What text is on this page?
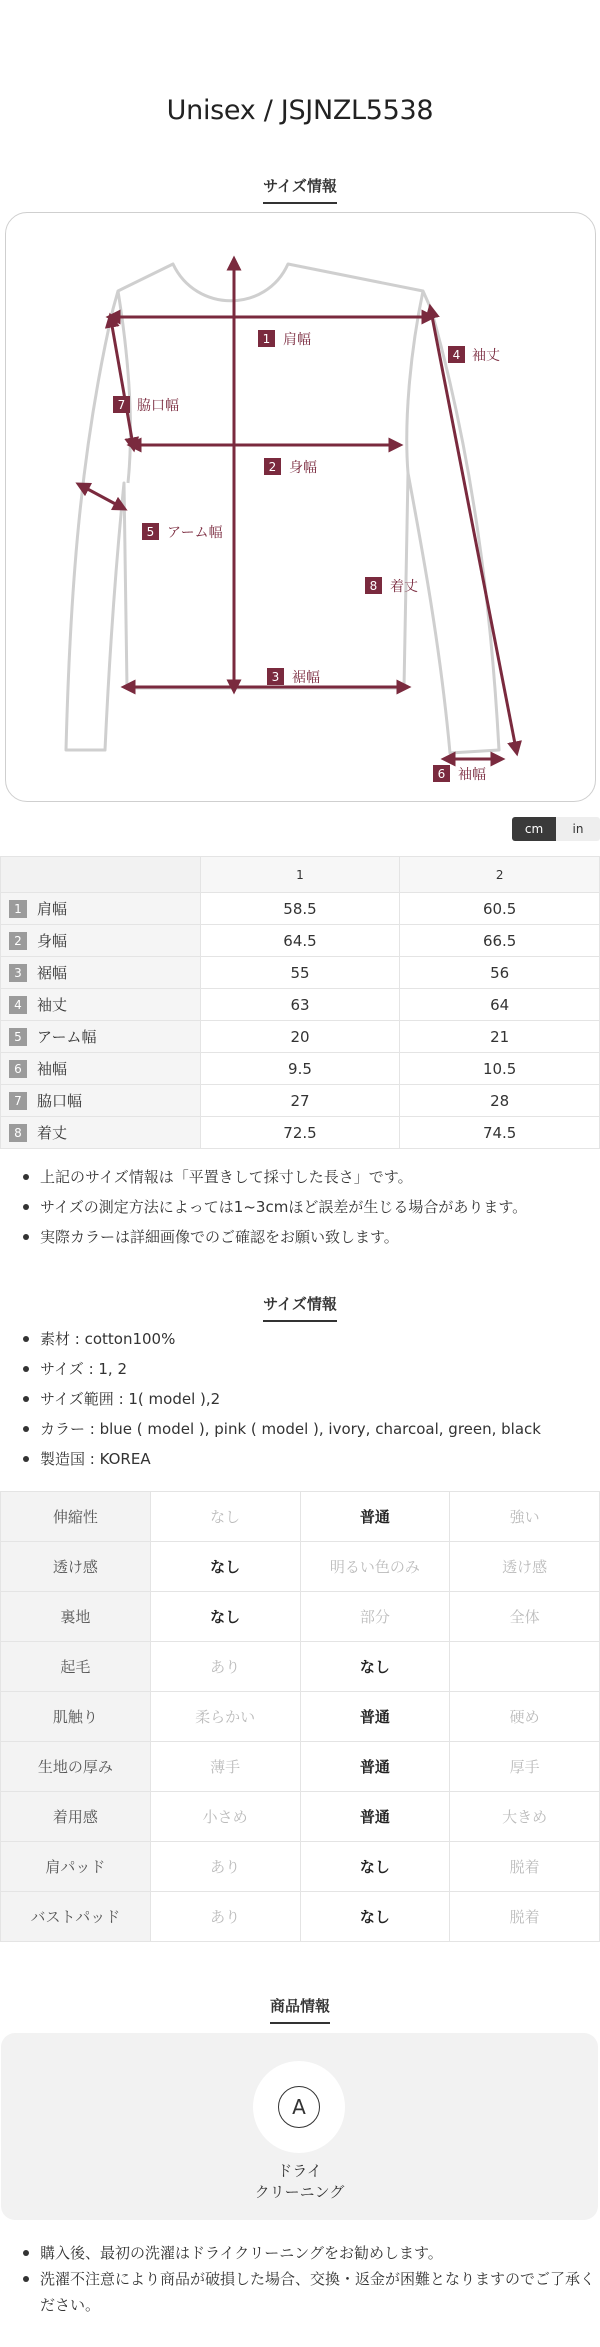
Unisex / JSJNZL5538
サイズ情報
1 肩幅
2 身幅
3 裾幅
4 袖丈
5 アーム幅
6 袖幅
7 脇口幅
8 着丈
cm	in
	1	2
1 肩幅	58.5	60.5
2 身幅	64.5	66.5
3 裾幅	55	56
4 袖丈	63	64
5 アーム幅	20	21
6 袖幅	9.5	10.5
7 脇口幅	27	28
8 着丈	72.5	74.5
上記のサイズ情報は「平置きして採寸した長さ」です。
サイズの測定方法によっては1~3cmほど誤差が生じる場合があります。
実際カラーは詳細画像でのご確認をお願い致します。
サイズ情報
素材 : cotton100%
サイズ : 1, 2
サイズ範囲 : 1( model ),2
カラー : blue ( model ), pink ( model ), ivory, charcoal, green, black
製造国 : KOREA
伸縮性	なし	普通	強い
透け感	なし	明るい色のみ	透け感
裏地	なし	部分	全体
起毛	あり	なし	
肌触り	柔らかい	普通	硬め
生地の厚み	薄手	普通	厚手
着用感	小さめ	普通	大きめ
肩パッド	あり	なし	脱着
バストパッド	あり	なし	脱着
商品情報
A
ドライ
クリーニング
購入後、最初の洗濯はドライクリーニングをお勧めします。
洗濯不注意により商品が破損した場合、交換・返金が困難となりますのでご了承ください。
